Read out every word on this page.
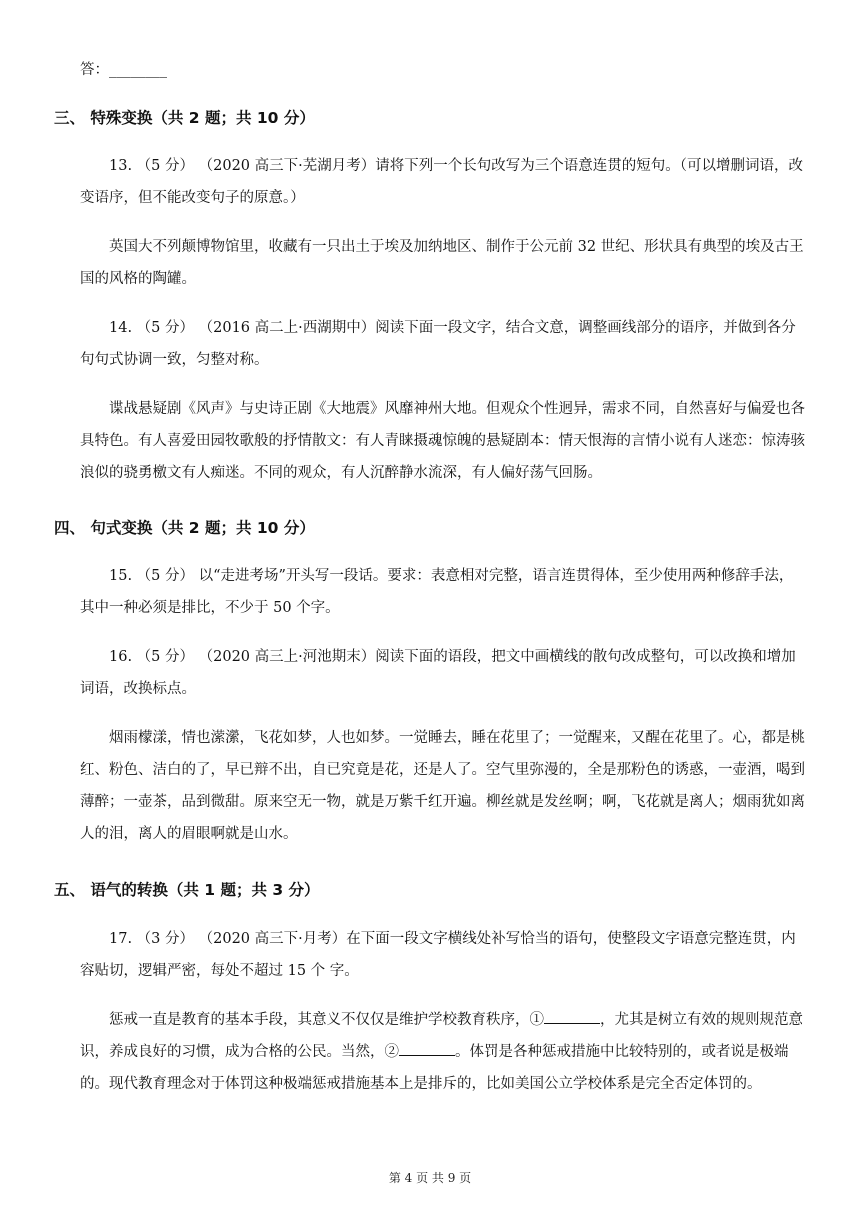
答：________
三、 特殊变换（共 2 题；共 10 分）
13. （5 分） （2020 高三下·芜湖月考）请将下列一个长句改写为三个语意连贯的短句。（可以增删词语，改变语序，但不能改变句子的原意。）
英国大不列颠博物馆里，收藏有一只出土于埃及加纳地区、制作于公元前 32 世纪、形状具有典型的埃及古王国的风格的陶罐。
14. （5 分） （2016 高二上·西湖期中）阅读下面一段文字，结合文意，调整画线部分的语序，并做到各分句句式协调一致，匀整对称。
谍战悬疑剧《风声》与史诗正剧《大地震》风靡神州大地。但观众个性迥异，需求不同，自然喜好与偏爱也各具特色。有人喜爱田园牧歌般的抒情散文：有人青睐摄魂惊魄的悬疑剧本：情天恨海的言情小说有人迷恋：惊涛骇浪似的骁勇檄文有人痴迷。不同的观众，有人沉醉静水流深，有人偏好荡气回肠。
四、 句式变换（共 2 题；共 10 分）
15. （5 分） 以“走进考场”开头写一段话。要求：表意相对完整，语言连贯得体，至少使用两种修辞手法，其中一种必须是排比，不少于 50 个字。
16. （5 分） （2020 高三上·河池期末）阅读下面的语段，把文中画横线的散句改成整句，可以改换和增加词语，改换标点。
烟雨檬漾，情也潆瀠，飞花如梦，人也如梦。一觉睡去，睡在花里了；一觉醒来，又醒在花里了。心，都是桃红、粉色、洁白的了，早已辩不出，自已究竟是花，还是人了。空气里弥漫的，全是那粉色的诱惑，一壶酒，喝到薄醉；一壶茶，品到微甜。原来空无一物，就是万紫千红开遍。柳丝就是发丝啊；啊，飞花就是离人；烟雨犹如离人的泪，离人的眉眼啊就是山水。
五、 语气的转换（共 1 题；共 3 分）
17. （3 分） （2020 高三下·月考）在下面一段文字横线处补写恰当的语句，使整段文字语意完整连贯，内容贴切，逻辑严密，每处不超过 15 个 字。
惩戒一直是教育的基本手段，其意义不仅仅是维护学校教育秩序，①	，尤其是树立有效的规则规范意识，养成良好的习惯，成为合格的公民。当然，②	。体罚是各种惩戒措施中比较特别的，或者说是极端的。现代教育理念对于体罚这种极端惩戒措施基本上是排斥的，比如美国公立学校体系是完全否定体罚的。
第 4 页 共 9 页
